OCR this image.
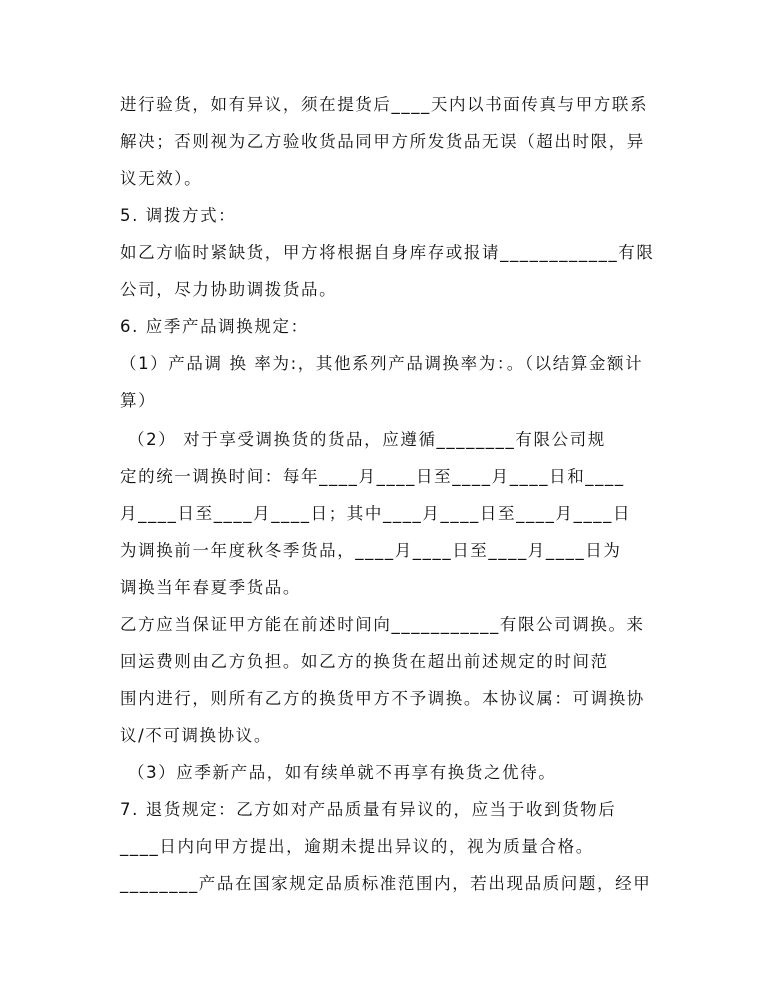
进行验货，如有异议，须在提货后____天内以书面传真与甲方联系
解决；否则视为乙方验收货品同甲方所发货品无误（超出时限，异
议无效）。
5. 调拨方式：
如乙方临时紧缺货，甲方将根据自身库存或报请____________有限
公司，尽力协助调拨货品。
6. 应季产品调换规定：
（1）产品调 换 率为:，其他系列产品调换率为：。（以结算金额计
算）
（2） 对于享受调换货的货品，应遵循________有限公司规
定的统一调换时间：每年____月____日至____月____日和____
月____日至____月____日；其中____月____日至____月____日
为调换前一年度秋冬季货品，____月____日至____月____日为
调换当年春夏季货品。
乙方应当保证甲方能在前述时间向___________有限公司调换。来
回运费则由乙方负担。如乙方的换货在超出前述规定的时间范
围内进行，则所有乙方的换货甲方不予调换。本协议属：可调换协
议/不可调换协议。
（3）应季新产品，如有续单就不再享有换货之优待。
7. 退货规定：乙方如对产品质量有异议的，应当于收到货物后
____日内向甲方提出，逾期未提出异议的，视为质量合格。
________产品在国家规定品质标准范围内，若出现品质问题，经甲
